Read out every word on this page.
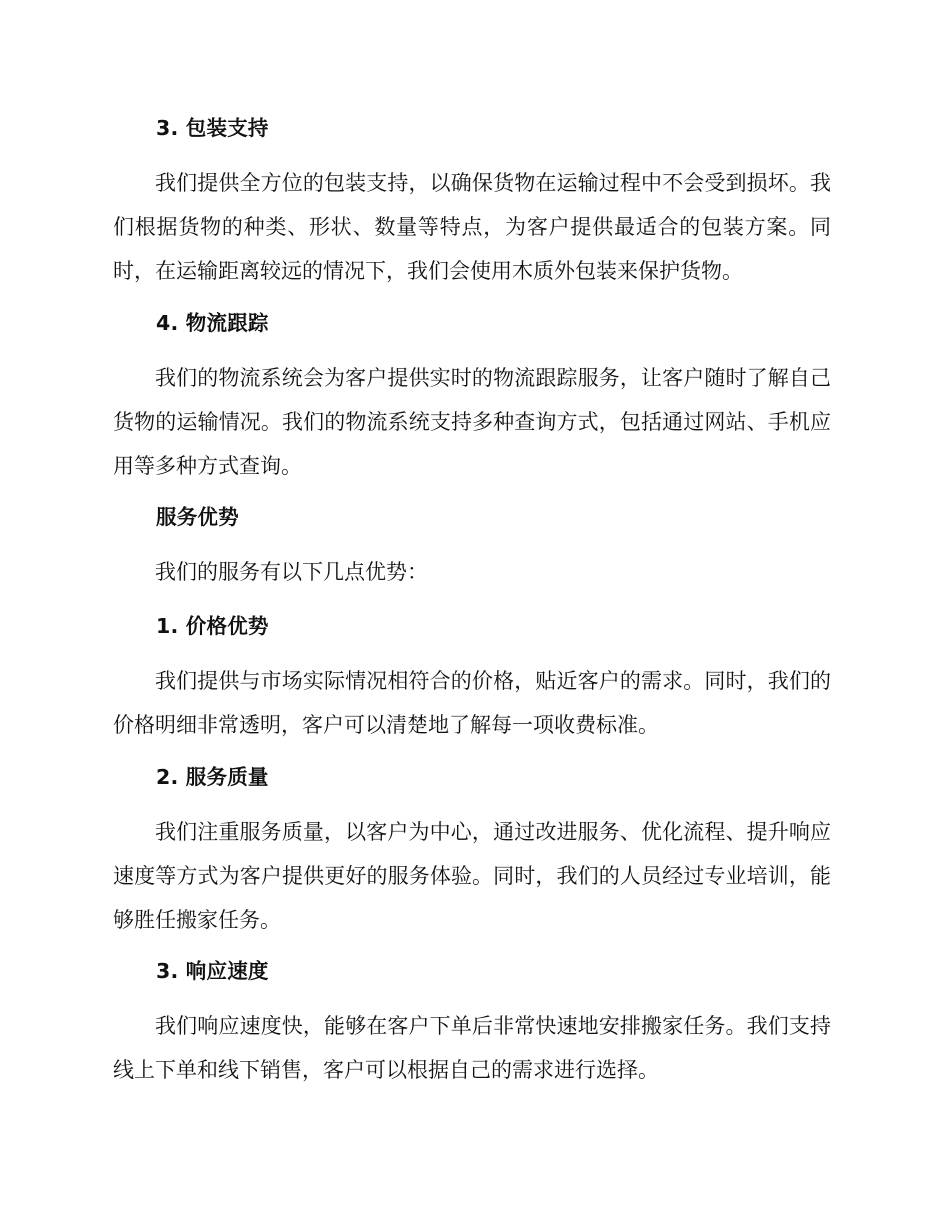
3. 包装支持

我们提供全方位的包装支持，以确保货物在运输过程中不会受到损坏。我们根据货物的种类、形状、数量等特点，为客户提供最适合的包装方案。同时，在运输距离较远的情况下，我们会使用木质外包装来保护货物。

4. 物流跟踪

我们的物流系统会为客户提供实时的物流跟踪服务，让客户随时了解自己货物的运输情况。我们的物流系统支持多种查询方式，包括通过网站、手机应用等多种方式查询。

服务优势

我们的服务有以下几点优势：

1. 价格优势

我们提供与市场实际情况相符合的价格，贴近客户的需求。同时，我们的价格明细非常透明，客户可以清楚地了解每一项收费标准。

2. 服务质量

我们注重服务质量，以客户为中心，通过改进服务、优化流程、提升响应速度等方式为客户提供更好的服务体验。同时，我们的人员经过专业培训，能够胜任搬家任务。

3. 响应速度

我们响应速度快，能够在客户下单后非常快速地安排搬家任务。我们支持线上下单和线下销售，客户可以根据自己的需求进行选择。
